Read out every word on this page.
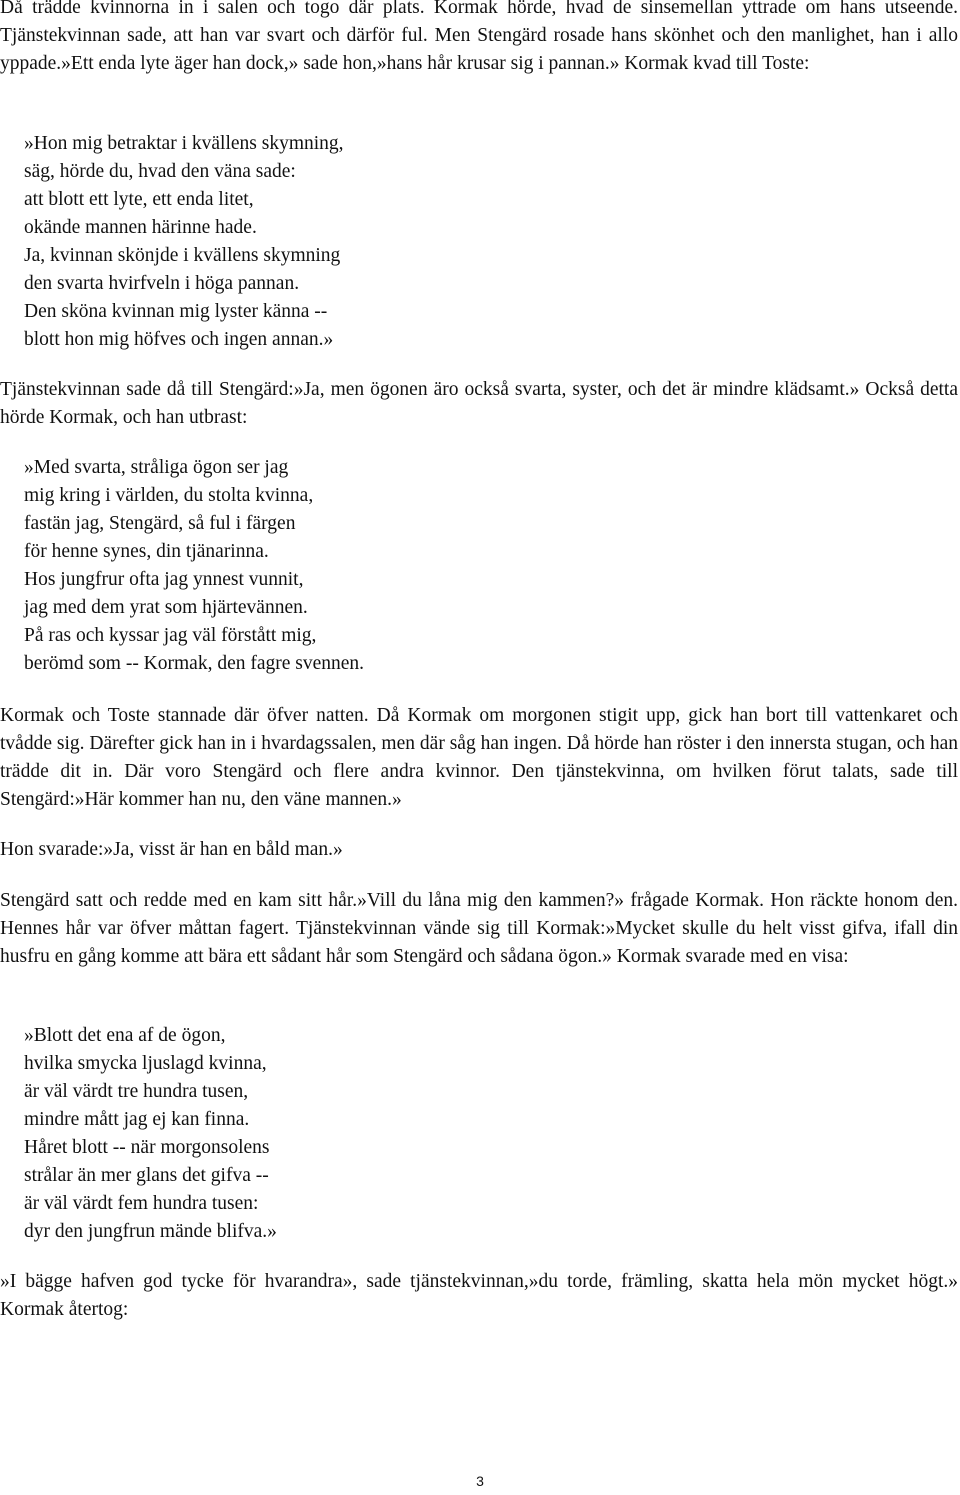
Då trädde kvinnorna in i salen och togo där plats. Kormak hörde, hvad de sinsemellan yttrade om hans utseende. Tjänstekvinnan sade, att han var svart och därför ful. Men Stengärd rosade hans skönhet och den manlighet, han i allo yppade.»Ett enda lyte äger han dock,» sade hon,»hans hår krusar sig i pannan.» Kormak kvad till Toste:

»Hon mig betraktar i kvällens skymning,
säg, hörde du, hvad den väna sade:
att blott ett lyte, ett enda litet,
okände mannen härinne hade.
Ja, kvinnan skönjde i kvällens skymning
den svarta hvirfveln i höga pannan.
Den sköna kvinnan mig lyster känna --
blott hon mig höfves och ingen annan.»

Tjänstekvinnan sade då till Stengärd:»Ja, men ögonen äro också svarta, syster, och det är mindre klädsamt.» Också detta hörde Kormak, och han utbrast:

»Med svarta, stråliga ögon ser jag
mig kring i världen, du stolta kvinna,
fastän jag, Stengärd, så ful i färgen
för henne synes, din tjänarinna.
Hos jungfrur ofta jag ynnest vunnit,
jag med dem yrat som hjärtevännen.
På ras och kyssar jag väl förstått mig,
berömd som -- Kormak, den fagre svennen.

Kormak och Toste stannade där öfver natten. Då Kormak om morgonen stigit upp, gick han bort till vattenkaret och tvådde sig. Därefter gick han in i hvardagssalen, men där såg han ingen. Då hörde han röster i den innersta stugan, och han trädde dit in. Där voro Stengärd och flere andra kvinnor. Den tjänstekvinna, om hvilken förut talats, sade till Stengärd:»Här kommer han nu, den väne mannen.»

Hon svarade:»Ja, visst är han en båld man.»

Stengärd satt och redde med en kam sitt hår.»Vill du låna mig den kammen?» frågade Kormak. Hon räckte honom den. Hennes hår var öfver måttan fagert. Tjänstekvinnan vände sig till Kormak:»Mycket skulle du helt visst gifva, ifall din husfru en gång komme att bära ett sådant hår som Stengärd och sådana ögon.» Kormak svarade med en visa:

»Blott det ena af de ögon,
hvilka smycka ljuslagd kvinna,
är väl värdt tre hundra tusen,
mindre mått jag ej kan finna.
Håret blott -- när morgonsolens
strålar än mer glans det gifva --
är väl värdt fem hundra tusen:
dyr den jungfrun mände blifva.»

»I bägge hafven god tycke för hvarandra», sade tjänstekvinnan,»du torde, främling, skatta hela mön mycket högt.» Kormak återtog:

3
